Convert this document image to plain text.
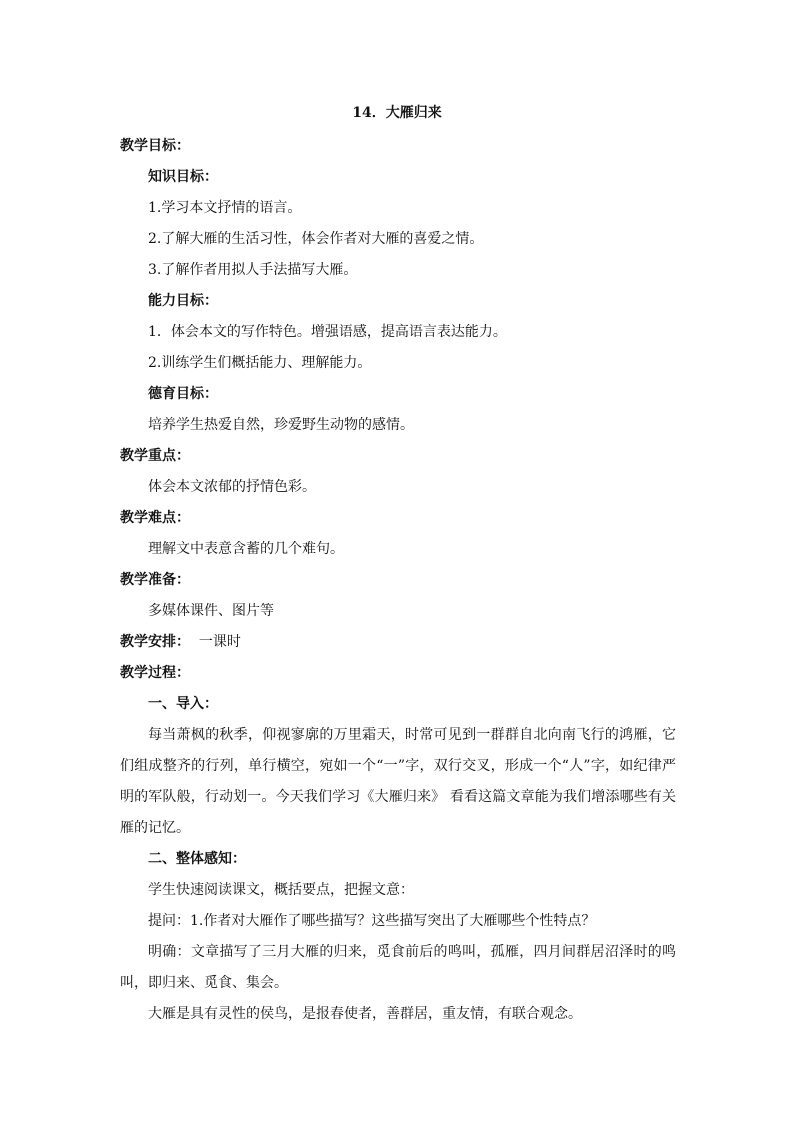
14．大雁归来

教学目标：

知识目标：

1.学习本文抒情的语言。

2.了解大雁的生活习性，体会作者对大雁的喜爱之情。

3.了解作者用拟人手法描写大雁。

能力目标：

1．体会本文的写作特色。增强语感，提高语言表达能力。

2.训练学生们概括能力、理解能力。

德育目标：

培养学生热爱自然，珍爱野生动物的感情。

教学重点：

体会本文浓郁的抒情色彩。

教学难点：

理解文中表意含蓄的几个难句。

教学准备：

多媒体课件、图片等

教学安排： 一课时

教学过程：

一、导入：

每当萧枫的秋季，仰视寥廓的万里霜天，时常可见到一群群自北向南飞行的鸿雁，它们组成整齐的行列，单行横空，宛如一个“一”字，双行交叉，形成一个“人”字，如纪律严明的军队般，行动划一。今天我们学习《大雁归来》 看看这篇文章能为我们增添哪些有关雁的记忆。

二、整体感知：

学生快速阅读课文，概括要点，把握文意：

提问：1.作者对大雁作了哪些描写？这些描写突出了大雁哪些个性特点？

明确：文章描写了三月大雁的归来，觅食前后的鸣叫，孤雁，四月间群居沼泽时的鸣叫，即归来、觅食、集会。

大雁是具有灵性的侯鸟，是报春使者，善群居，重友情，有联合观念。
